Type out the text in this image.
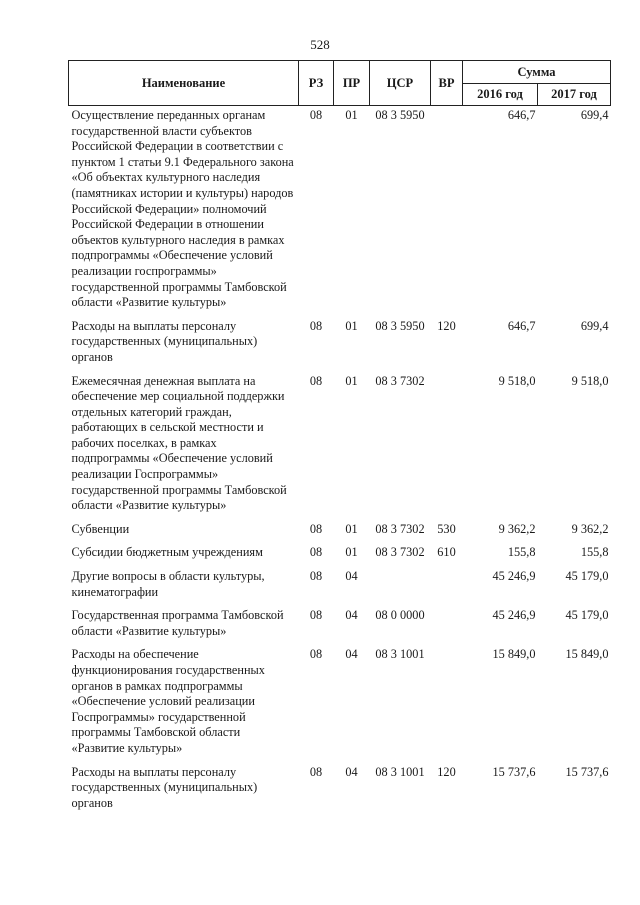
528
Наименование	РЗ	ПР	ЦСР	ВР	Сумма	
					2016 год	2017 год
Осуществление переданных органам государственной власти субъектов Российской Федерации в соответствии с пунктом 1 статьи 9.1 Федерального закона «Об объектах культурного наследия (памятниках истории и культуры) народов Российской Федерации» полномочий Российской Федерации в отношении объектов культурного наследия в рамках подпрограммы «Обеспечение условий реализации госпрограммы» государственной программы Тамбовской области «Развитие культуры»	08	01	08 3 5950		646,7	699,4
Расходы на выплаты персоналу государственных (муниципальных) органов	08	01	08 3 5950	120	646,7	699,4
Ежемесячная денежная выплата на обеспечение мер социальной поддержки отдельных категорий граждан, работающих в сельской местности и рабочих поселках, в рамках подпрограммы «Обеспечение условий реализации Госпрограммы» государственной программы Тамбовской области «Развитие культуры»	08	01	08 3 7302		9 518,0	9 518,0
Субвенции	08	01	08 3 7302	530	9 362,2	9 362,2
Субсидии бюджетным учреждениям	08	01	08 3 7302	610	155,8	155,8
Другие вопросы в области культуры, кинематографии	08	04			45 246,9	45 179,0
Государственная программа Тамбовской области «Развитие культуры»	08	04	08 0 0000		45 246,9	45 179,0
Расходы на обеспечение функционирования государственных органов в рамках подпрограммы «Обеспечение условий реализации Госпрограммы» государственной программы Тамбовской области «Развитие культуры»	08	04	08 3 1001		15 849,0	15 849,0
Расходы на выплаты персоналу государственных (муниципальных) органов	08	04	08 3 1001	120	15 737,6	15 737,6
